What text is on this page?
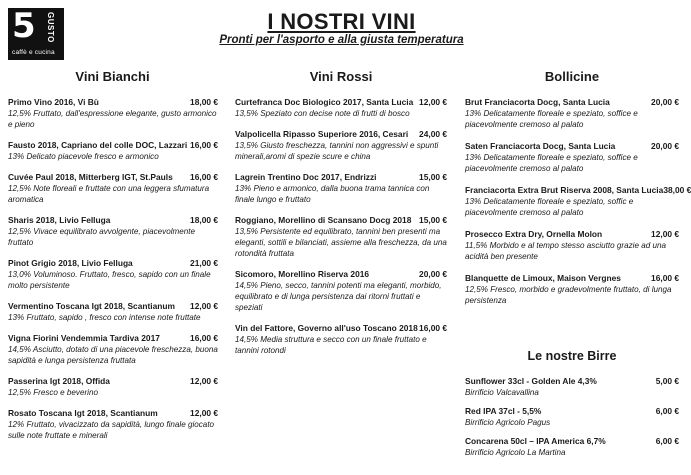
5 GUSTO
caffè e cucina
I NOSTRI VINI
Pronti per l'asporto e alla giusta temperatura
Vini Bianchi	Vini Rossi	Bollicine
Primo Vino 2016, Vi Bù	18,00 €
12,5% Fruttato, dall'espressione elegante, gusto armonico e pieno
Fausto 2018, Capriano del colle DOC, Lazzari 16,00 €
13% Delicato piacevole fresco e armonico
Cuvée Paul 2018, Mitterberg IGT, St.Pauls 16,00 €
12,5% Note floreali e fruttate con una leggera sfumatura aromatica
Sharis 2018, Livio Felluga	18,00 €
12,5% Vivace equilibrato avvolgente, piacevolmente fruttato
Pinot Grigio 2018, Livio Felluga	21,00 €
13,0% Voluminoso. Fruttato, fresco, sapido con un finale molto persistente
Vermentino Toscana Igt 2018, Scantianum 12,00 €
13% Fruttato, sapido , fresco con intense note fruttate
Vigna Fiorini Vendemmia Tardiva 2017	16,00 €
14,5% Asciutto, dotato di una piacevole freschezza, buona sapidità e lunga persistenza fruttata
Passerina Igt 2018, Offida	12,00 €
12,5% Fresco e beverino
Rosato Toscana Igt 2018, Scantianum	12,00 €
12% Fruttato, vivacizzato da sapidità, lungo finale giocato sulle note fruttate e minerali
Curtefranca Doc Biologico 2017, Santa Lucia 12,00 €
13,5% Speziato con decise note di frutti di bosco
Valpolicella Ripasso Superiore 2016, Cesari 24,00 €
13,5% Giusto freschezza, tannini non aggressivi e spunti minerali,aromi di spezie scure e china
Lagrein Trentino Doc 2017, Endrizzi	15,00 €
13% Pieno e armonico, dalla buona trama tannica con finale lungo e fruttato
Roggiano, Morellino di Scansano Docg 2018 15,00 €
13,5% Persistente ed equilibrato, tannini ben presenti ma eleganti, sottili e bilanciati, assieme alla freschezza, da una rotondità fruttata
Sicomoro, Morellino Riserva 2016	20,00 €
14,5% Pieno, secco, tannini potenti ma eleganti, morbido, equilibrato e di lunga persistenza dai ritorni fruttati e speziati
Vin del Fattore, Governo all'uso Toscano 2018 16,00 €
14,5% Media struttura e secco con un finale fruttato e tannini rotondi
Brut Franciacorta Docg, Santa Lucia	20,00 €
13% Delicatamente floreale e speziato, soffice e piacevolmente cremoso al palato
Saten Franciacorta Docg, Santa Lucia	20,00 €
13% Delicatamente floreale e speziato, soffice e piacevolmente cremoso al palato
Franciacorta Extra Brut Riserva 2008, Santa Lucia 38,00 €
13% Delicatamente floreale e speziato, soffic e piacevolmente cremoso al palato
Prosecco Extra Dry, Ornella Molon	12,00 €
11,5% Morbido e al tempo stesso asciutto grazie ad una acidità ben presente
Blanquette de Limoux, Maison Vergnes	16,00 €
12,5% Fresco, morbido e gradevolmente fruttato, di lunga persistenza
Le nostre Birre
Sunflower 33cl - Golden Ale 4,3%	5,00 €
Birrificio Valcavallina
Red IPA 37cl - 5,5%	6,00 €
Birrificio Agricolo Pagus
Concarena 50cl – IPA America 6,7%	6,00 €
Birrificio Agricolo La Martina
